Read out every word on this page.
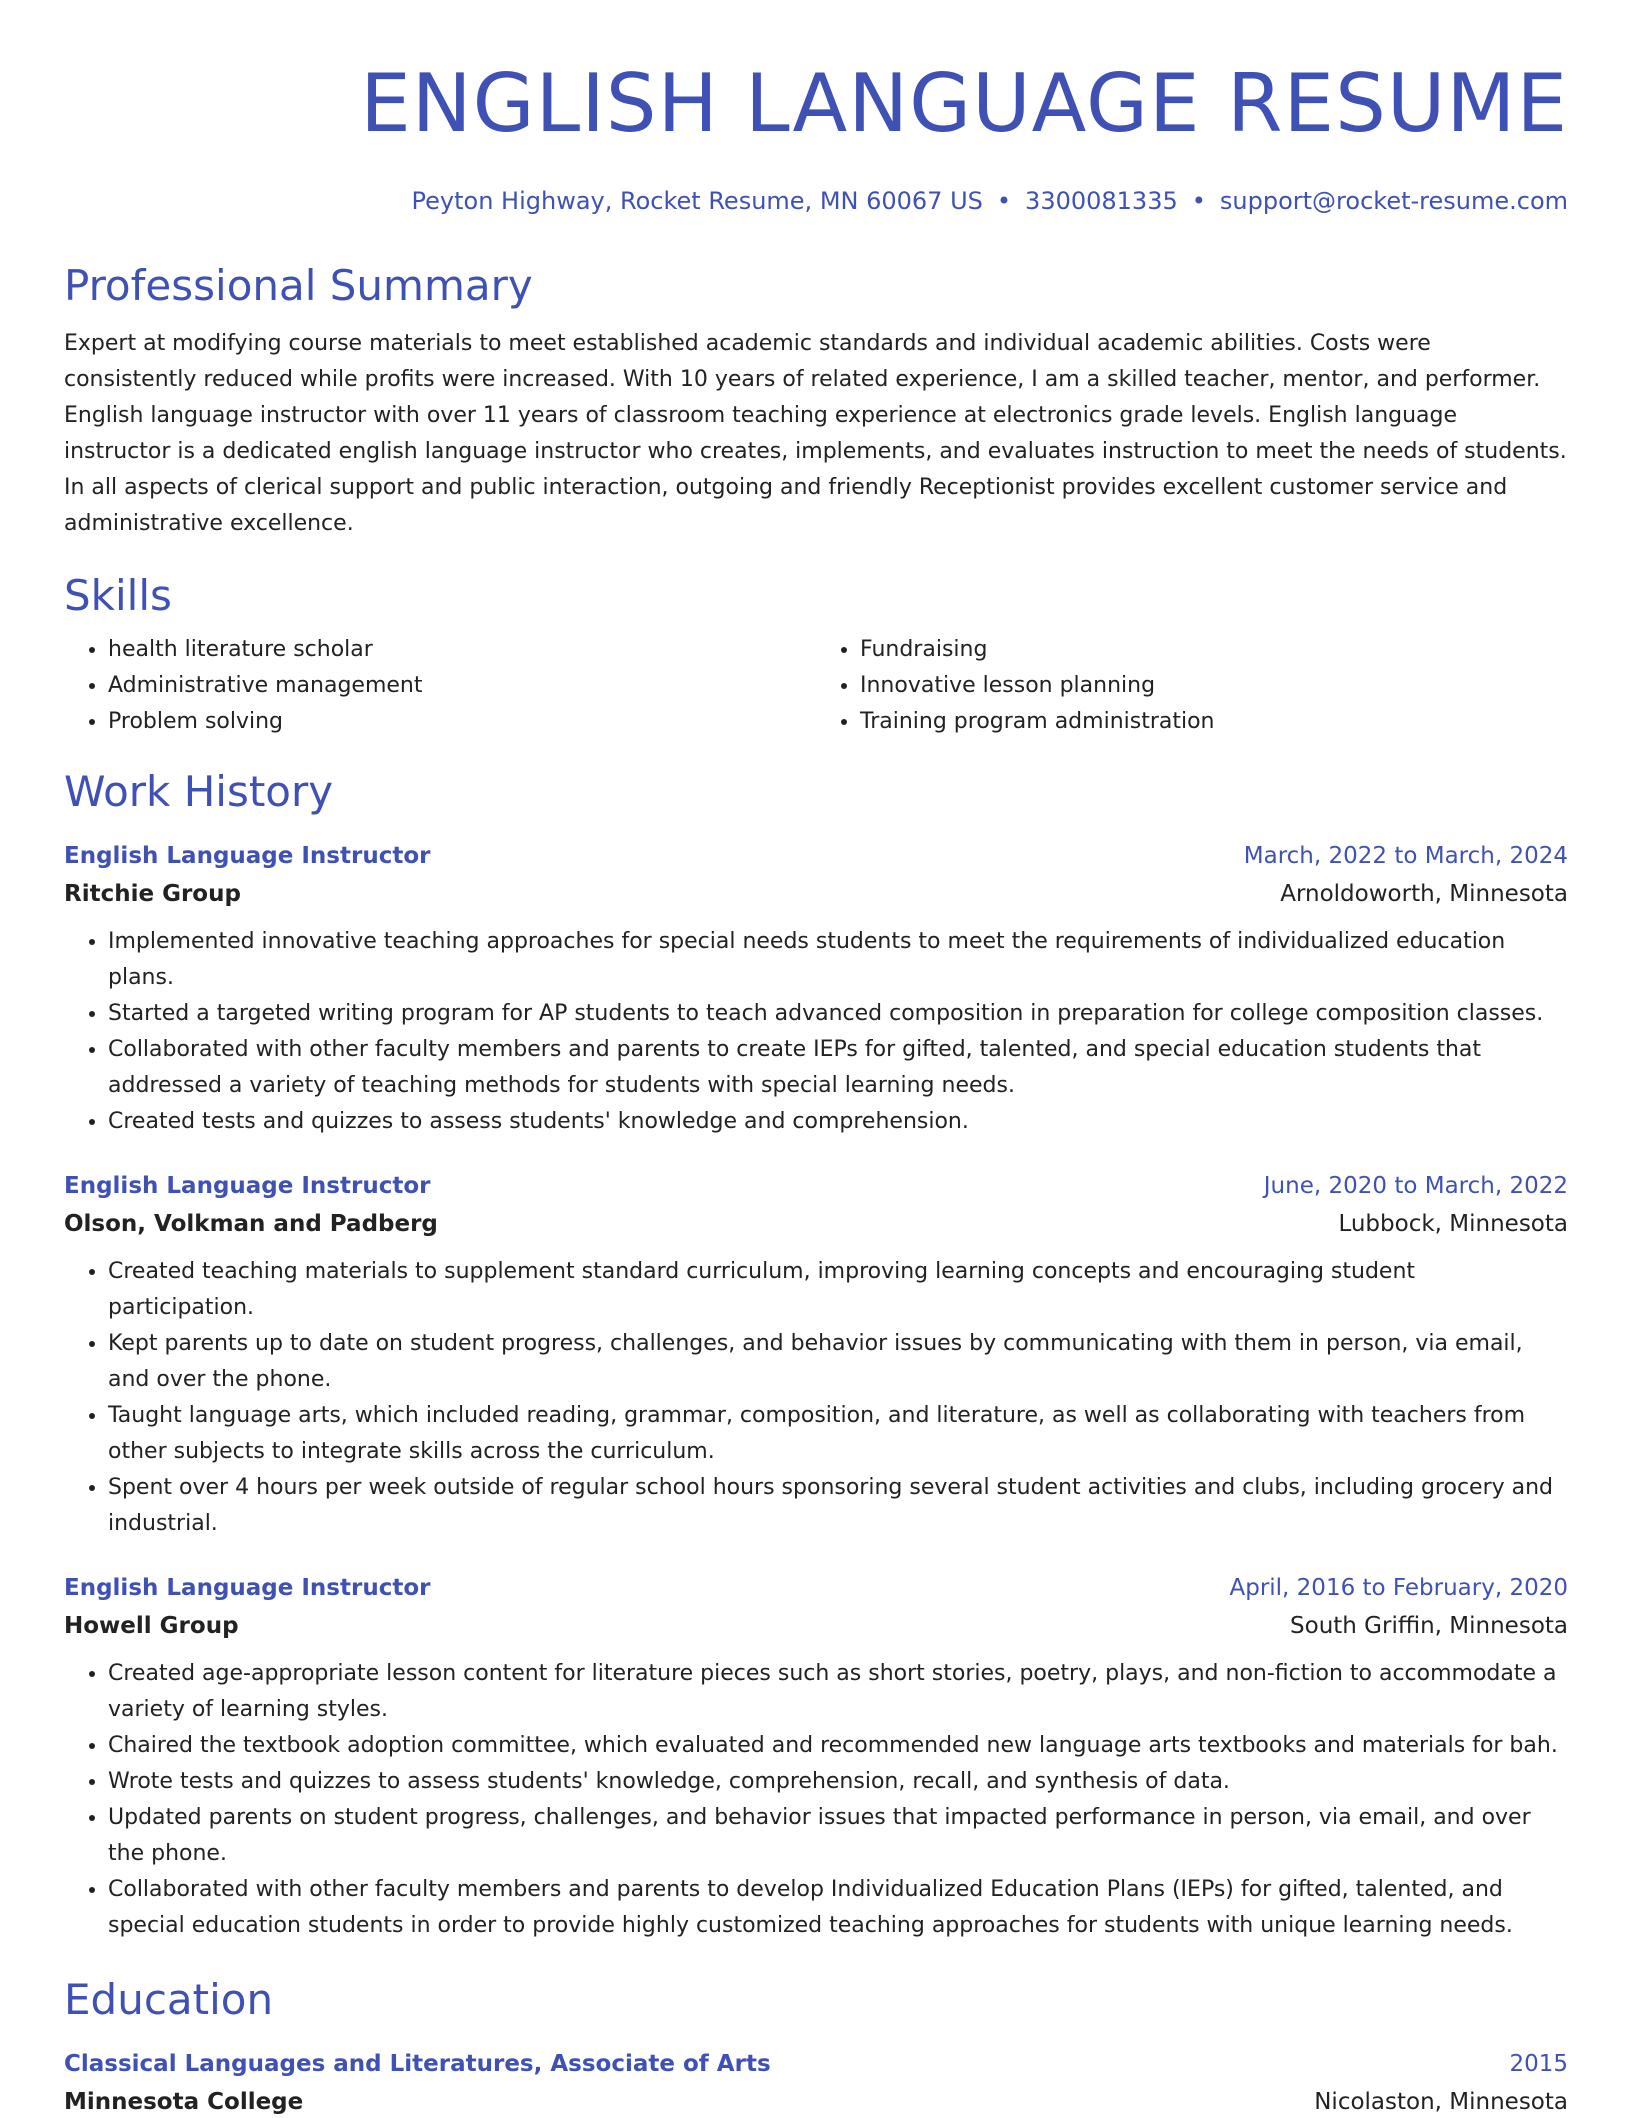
ENGLISH LANGUAGE RESUME
Peyton Highway, Rocket Resume, MN 60067 US • 3300081335 • support@rocket-resume.com
Professional Summary

Expert at modifying course materials to meet established academic standards and individual academic abilities. Costs were consistently reduced while profits were increased. With 10 years of related experience, I am a skilled teacher, mentor, and performer. English language instructor with over 11 years of classroom teaching experience at electronics grade levels. English language instructor is a dedicated english language instructor who creates, implements, and evaluates instruction to meet the needs of students. In all aspects of clerical support and public interaction, outgoing and friendly Receptionist provides excellent customer service and administrative excellence.

Skills
• health literature scholar
• Administrative management
• Problem solving
• Fundraising
• Innovative lesson planning
• Training program administration
Work History
English Language Instructor	March, 2022 to March, 2024
Ritchie Group	Arnoldoworth, Minnesota
• Implemented innovative teaching approaches for special needs students to meet the requirements of individualized education plans.
• Started a targeted writing program for AP students to teach advanced composition in preparation for college composition classes.
• Collaborated with other faculty members and parents to create IEPs for gifted, talented, and special education students that addressed a variety of teaching methods for students with special learning needs.
• Created tests and quizzes to assess students' knowledge and comprehension.
English Language Instructor	June, 2020 to March, 2022
Olson, Volkman and Padberg	Lubbock, Minnesota
• Created teaching materials to supplement standard curriculum, improving learning concepts and encouraging student participation.
• Kept parents up to date on student progress, challenges, and behavior issues by communicating with them in person, via email, and over the phone.
• Taught language arts, which included reading, grammar, composition, and literature, as well as collaborating with teachers from other subjects to integrate skills across the curriculum.
• Spent over 4 hours per week outside of regular school hours sponsoring several student activities and clubs, including grocery and industrial.
English Language Instructor	April, 2016 to February, 2020
Howell Group	South Griffin, Minnesota
• Created age-appropriate lesson content for literature pieces such as short stories, poetry, plays, and non-fiction to accommodate a variety of learning styles.
• Chaired the textbook adoption committee, which evaluated and recommended new language arts textbooks and materials for bah.
• Wrote tests and quizzes to assess students' knowledge, comprehension, recall, and synthesis of data.
• Updated parents on student progress, challenges, and behavior issues that impacted performance in person, via email, and over the phone.
• Collaborated with other faculty members and parents to develop Individualized Education Plans (IEPs) for gifted, talented, and special education students in order to provide highly customized teaching approaches for students with unique learning needs.
Education
Classical Languages and Literatures, Associate of Arts	2015
Minnesota College	Nicolaston, Minnesota
